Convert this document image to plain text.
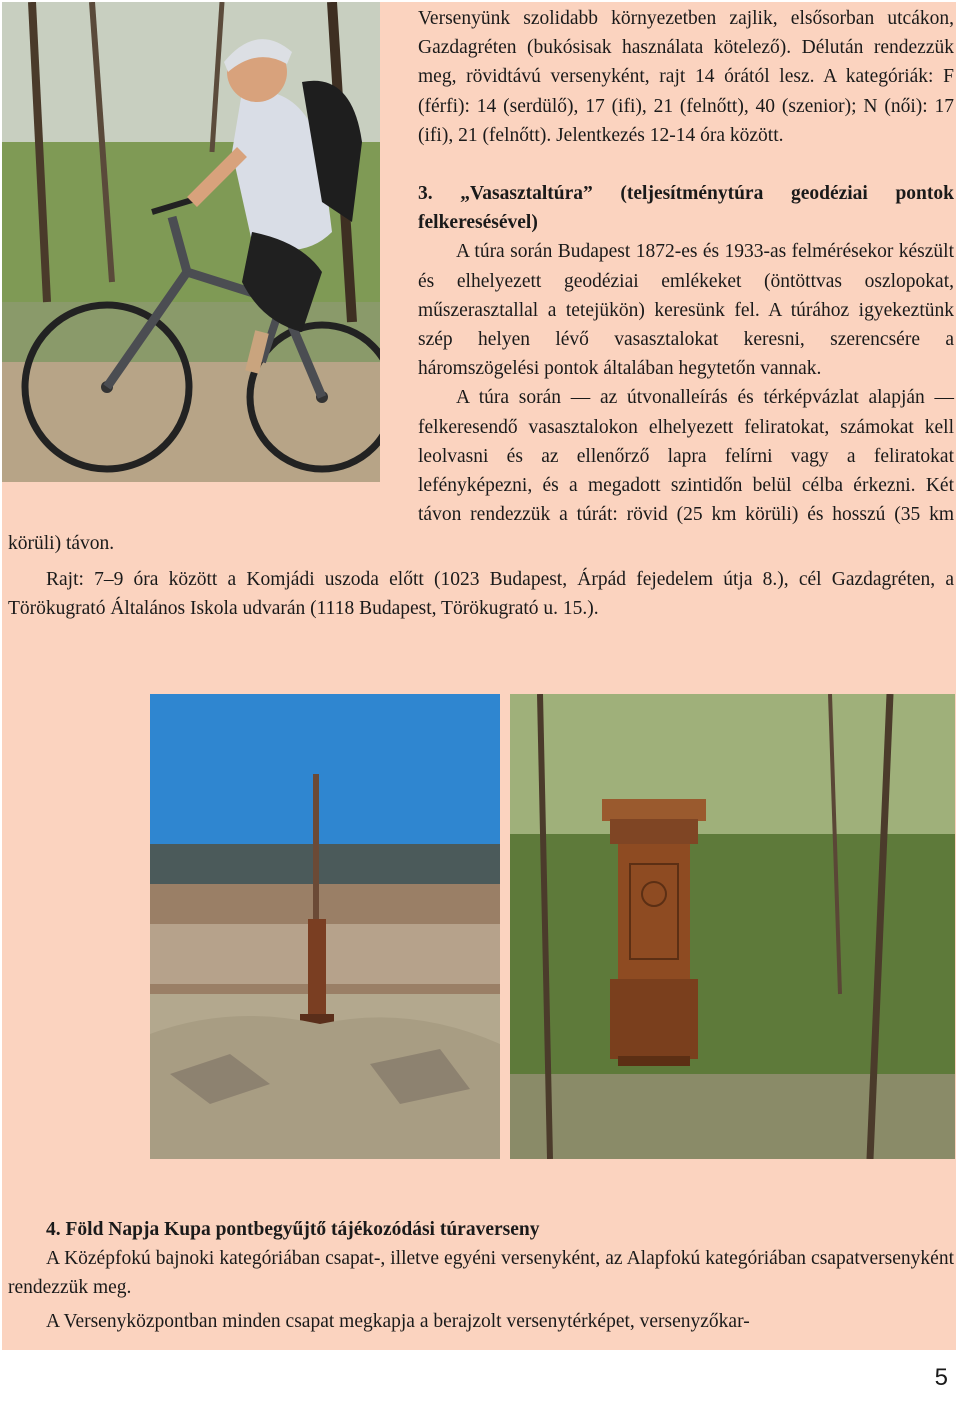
Versenyünk szolidabb környezetben zajlik, elsősorban utcákon, Gazdagréten (bukósisak használata kötelező). Délután rendezzük meg, rövidtávú versenyként, rajt 14 órától lesz. A kategóriák: F (férfi): 14 (serdülő), 17 (ifi), 21 (felnőtt), 40 (szenior); N (női): 17 (ifi), 21 (felnőtt). Jelentkezés 12-14 óra között.

3. „Vasasztaltúra” (teljesítménytúra geodéziai pontok felkeresésével)

A túra során Budapest 1872-es és 1933-as felmérésekor készült és elhelyezett geodéziai emlékeket (öntöttvas oszlopokat, műszerasztallal a tetejükön) keresünk fel. A túrához igyekeztünk szép helyen lévő vasasztalokat keresni, szerencsére a háromszögelési pontok általában hegytetőn vannak.

A túra során — az útvonalleírás és térképvázlat alapján — felkeresendő vasasztalokon elhelyezett feliratokat, számokat kell leolvasni és az ellenőrző lapra felírni vagy a feliratokat lefényképezni, és a megadott szintidőn belül célba érkezni. Két távon rendezzük a túrát: rövid (25 km körüli) és hosszú (35 km körüli) távon.

Rajt: 7–9 óra között a Komjádi uszoda előtt (1023 Budapest, Árpád fejedelem útja 8.), cél Gazdagréten, a Törökugrató Általános Iskola udvarán (1118 Budapest, Törökugrató u. 15.).

4. Föld Napja Kupa pontbegyűjtő tájékozódási túraverseny

A Középfokú bajnoki kategóriában csapat-, illetve egyéni versenyként, az Alapfokú kategóriában csapatversenyként rendezzük meg.

A Versenyközpontban minden csapat megkapja a berajzolt versenytérképet, versenyzőkar-

5
